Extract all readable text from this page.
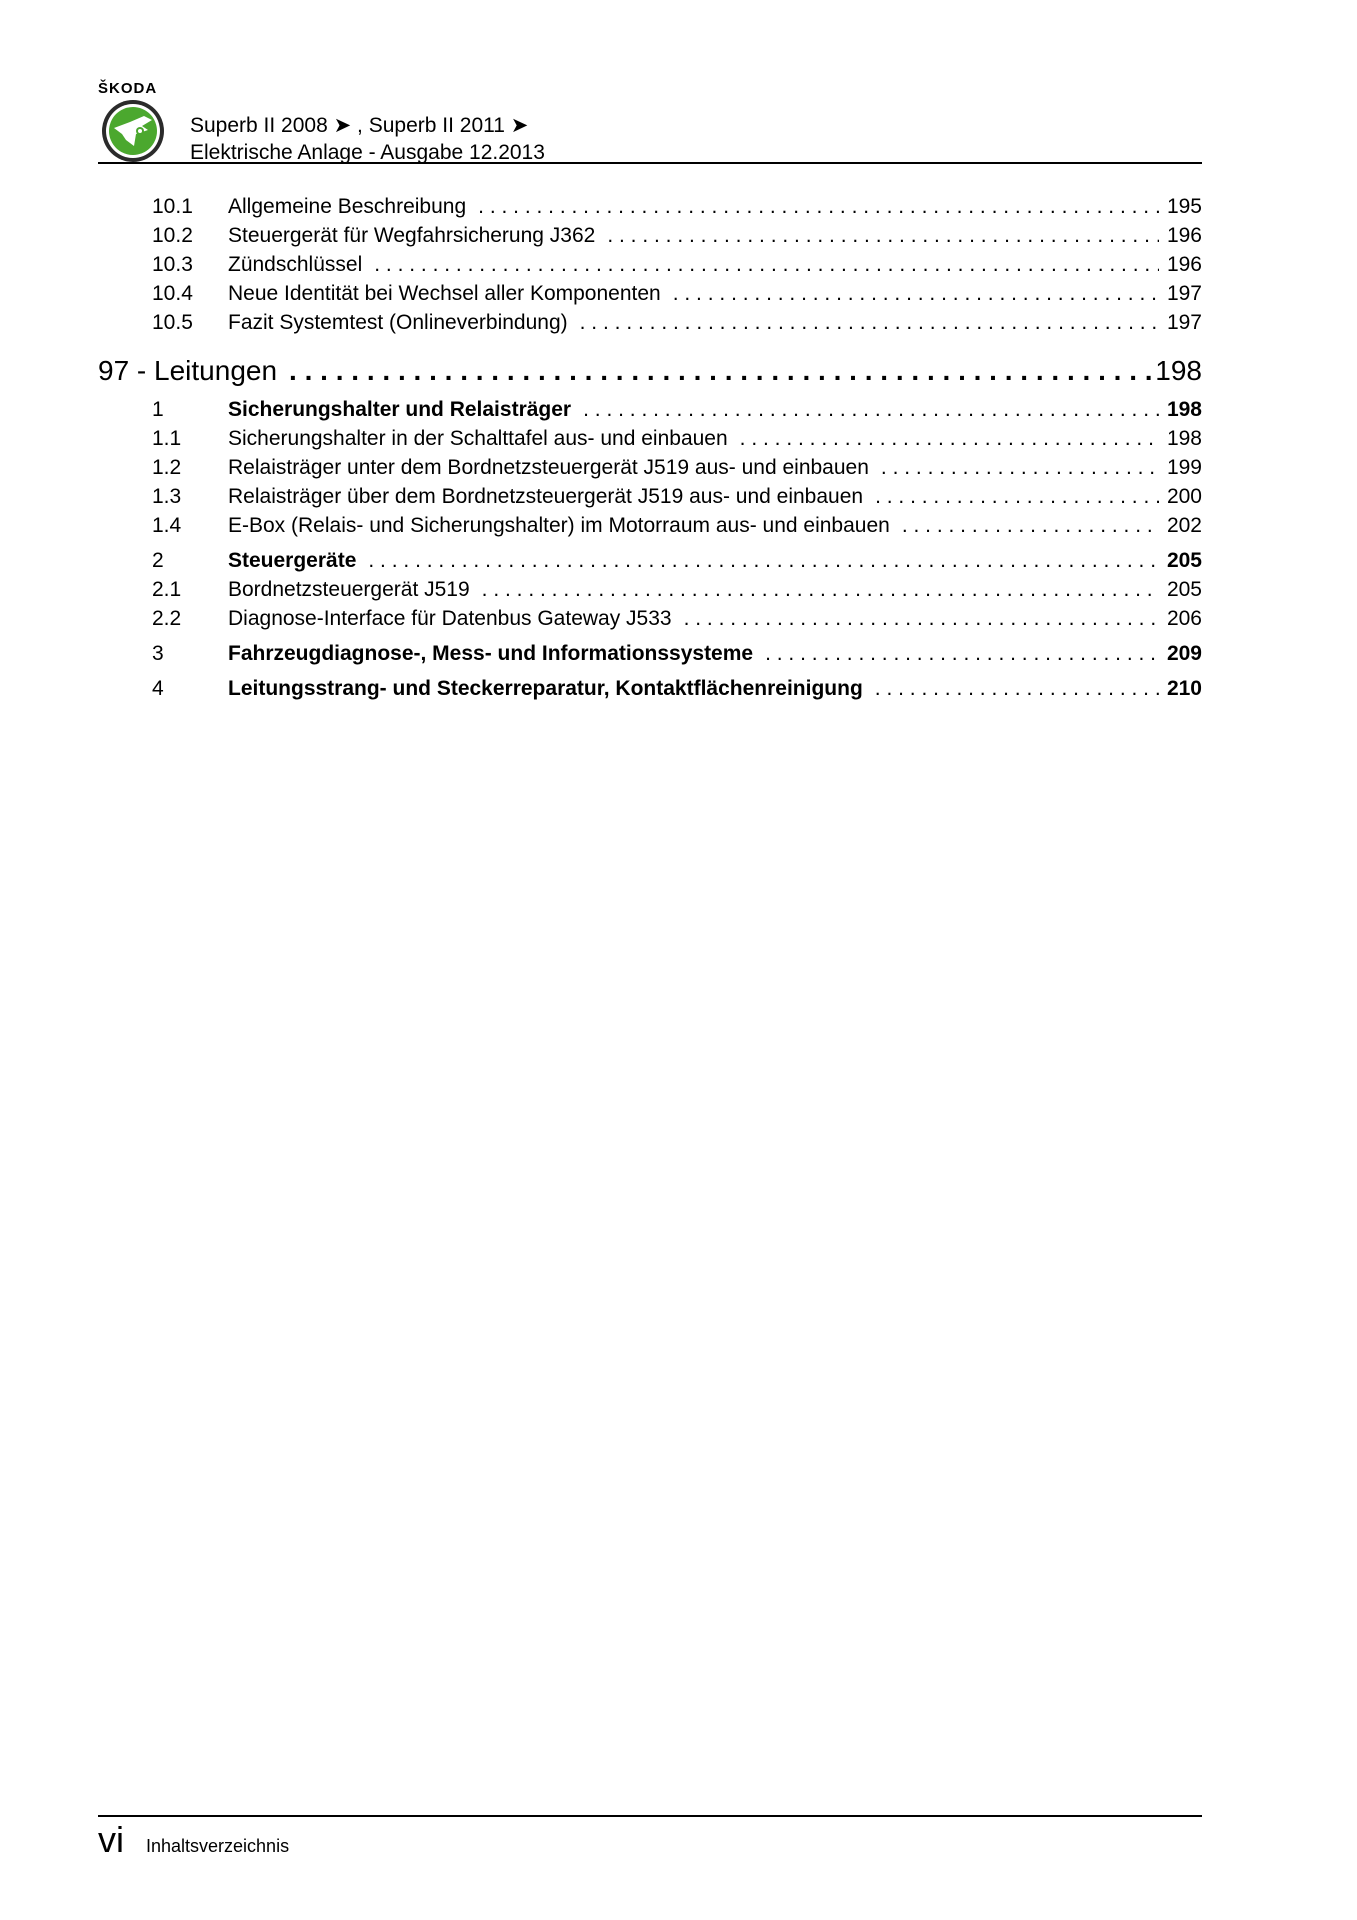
ŠKODA
Superb II 2008 ➤ , Superb II 2011 ➤
Elektrische Anlage - Ausgabe 12.2013
10.1	Allgemeine Beschreibung . . .	195
10.2	Steuergerät für Wegfahrsicherung J362 . . .	196
10.3	Zündschlüssel . . .	196
10.4	Neue Identität bei Wechsel aller Komponenten . . .	197
10.5	Fazit Systemtest (Onlineverbindung) . . .	197
97 - Leitungen . . .	198
1	Sicherungshalter und Relaisträger . . .	198
1.1	Sicherungshalter in der Schalttafel aus- und einbauen . . .	198
1.2	Relaisträger unter dem Bordnetzsteuergerät J519 aus- und einbauen . . .	199
1.3	Relaisträger über dem Bordnetzsteuergerät J519 aus- und einbauen . . .	200
1.4	E-Box (Relais- und Sicherungshalter) im Motorraum aus- und einbauen . . .	202
2	Steuergeräte . . .	205
2.1	Bordnetzsteuergerät J519 . . .	205
2.2	Diagnose-Interface für Datenbus Gateway J533 . . .	206
3	Fahrzeugdiagnose-, Mess- und Informationssysteme . . .	209
4	Leitungsstrang- und Steckerreparatur, Kontaktflächenreinigung . . .	210
vi Inhaltsverzeichnis
